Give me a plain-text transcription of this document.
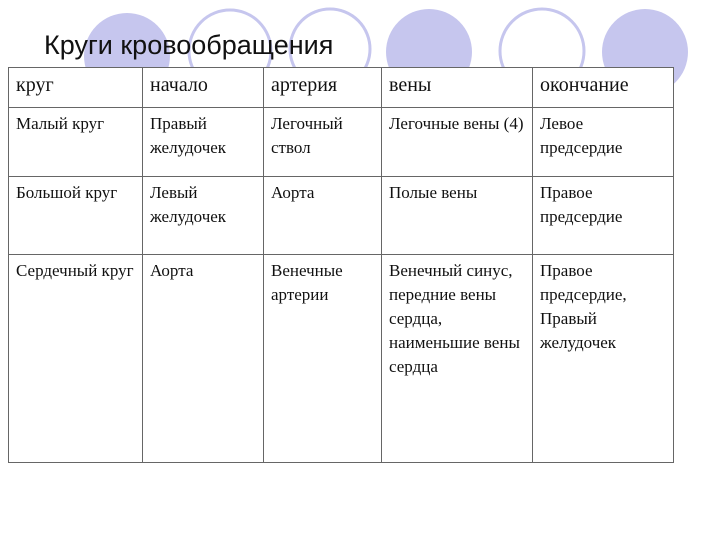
Круги кровообращения
круг	начало	артерия	вены	окончание
Малый круг	Правый желудочек	Легочный ствол	Легочные вены (4)	Левое предсердие
Большой круг	Левый желудочек	Аорта	Полые вены	Правое предсердие
Сердечный круг	Аорта	Венечные артерии	Венечный синус, передние вены сердца, наименьшие вены сердца	Правое предсердие, Правый желудочек
